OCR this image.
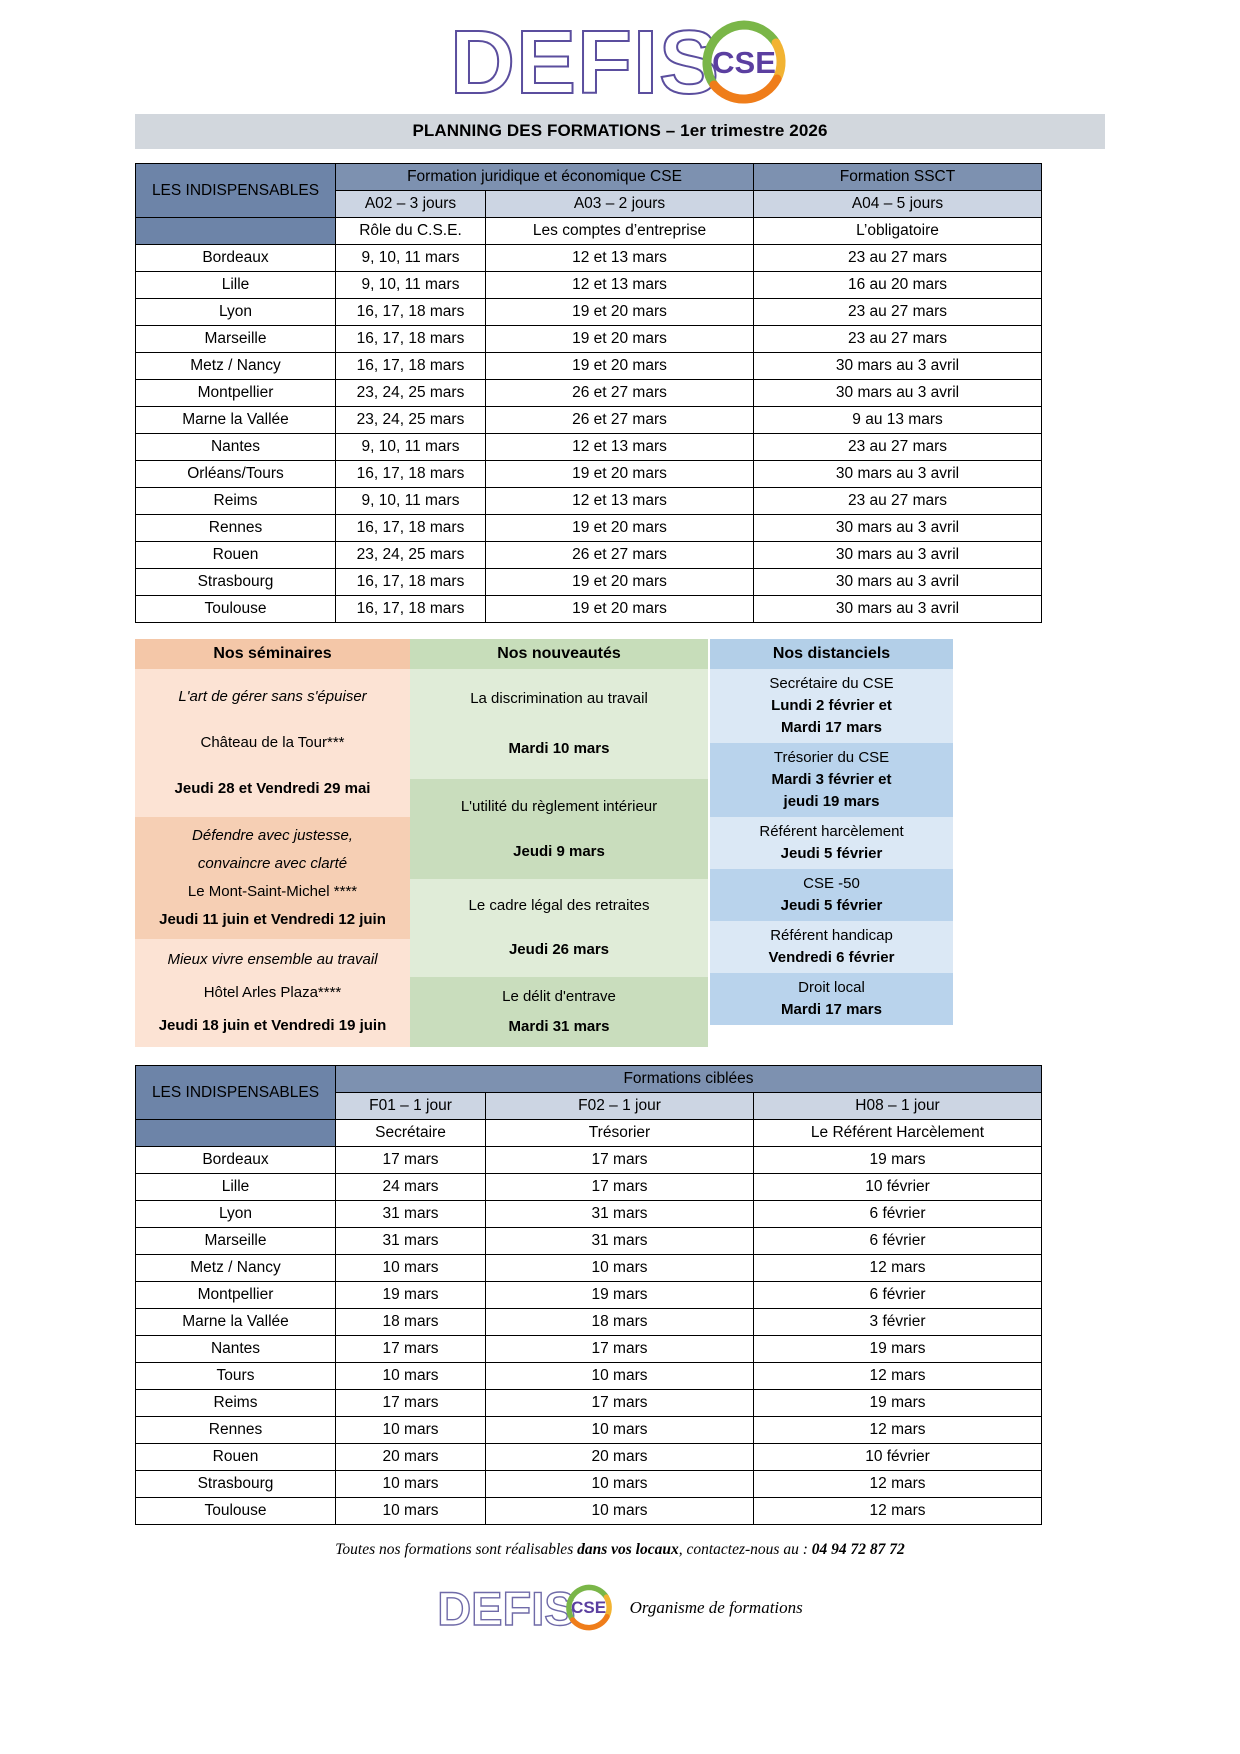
DEFIS
CSE
PLANNING DES FORMATIONS – 1er trimestre 2026
LES INDISPENSABLES	Formation juridique et économique CSE		Formation SSCT
	A02 – 3 jours	A03 – 2 jours	A04 – 5 jours
	Rôle du C.S.E.	Les comptes d’entreprise	L’obligatoire
Bordeaux	9, 10, 11 mars	12 et 13 mars	23 au 27 mars
Lille	9, 10, 11 mars	12 et 13 mars	16 au 20 mars
Lyon	16, 17, 18 mars	19 et 20 mars	23 au 27 mars
Marseille	16, 17, 18 mars	19 et 20 mars	23 au 27 mars
Metz / Nancy	16, 17, 18 mars	19 et 20 mars	30 mars au 3 avril
Montpellier	23, 24, 25 mars	26 et 27 mars	30 mars au 3 avril
Marne la Vallée	23, 24, 25 mars	26 et 27 mars	9 au 13 mars
Nantes	9, 10, 11 mars	12 et 13 mars	23 au 27 mars
Orléans/Tours	16, 17, 18 mars	19 et 20 mars	30 mars au 3 avril
Reims	9, 10, 11 mars	12 et 13 mars	23 au 27 mars
Rennes	16, 17, 18 mars	19 et 20 mars	30 mars au 3 avril
Rouen	23, 24, 25 mars	26 et 27 mars	30 mars au 3 avril
Strasbourg	16, 17, 18 mars	19 et 20 mars	30 mars au 3 avril
Toulouse	16, 17, 18 mars	19 et 20 mars	30 mars au 3 avril
Nos séminaires
L'art de gérer sans s'épuiser
Château de la Tour***
Jeudi 28 et Vendredi 29 mai
Défendre avec justesse,
convaincre avec clarté
Le Mont-Saint-Michel ****
Jeudi 11 juin et Vendredi 12 juin
Mieux vivre ensemble au travail
Hôtel Arles Plaza****
Jeudi 18 juin et Vendredi 19 juin
Nos nouveautés
La discrimination au travail
Mardi 10 mars
L'utilité du règlement intérieur
Jeudi 9 mars
Le cadre légal des retraites
Jeudi 26 mars
Le délit d'entrave
Mardi 31 mars
Nos distanciels
Secrétaire du CSE
Lundi 2 février et
Mardi 17 mars
Trésorier du CSE
Mardi 3 février et
jeudi 19 mars
Référent harcèlement
Jeudi 5 février
CSE -50
Jeudi 5 février
Référent handicap
Vendredi 6 février
Droit local
Mardi 17 mars
LES INDISPENSABLES	Formations ciblées		
	F01 – 1 jour	F02 – 1 jour	H08 – 1 jour
	Secrétaire	Trésorier	Le Référent Harcèlement
Bordeaux	17 mars	17 mars	19 mars
Lille	24 mars	17 mars	10 février
Lyon	31 mars	31 mars	6 février
Marseille	31 mars	31 mars	6 février
Metz / Nancy	10 mars	10 mars	12 mars
Montpellier	19 mars	19 mars	6 février
Marne la Vallée	18 mars	18 mars	3 février
Nantes	17 mars	17 mars	19 mars
Tours	10 mars	10 mars	12 mars
Reims	17 mars	17 mars	19 mars
Rennes	10 mars	10 mars	12 mars
Rouen	20 mars	20 mars	10 février
Strasbourg	10 mars	10 mars	12 mars
Toulouse	10 mars	10 mars	12 mars
Toutes nos formations sont réalisables dans vos locaux, contactez-nous au : 04 94 72 87 72
DEFIS
CSE Organisme de formations
